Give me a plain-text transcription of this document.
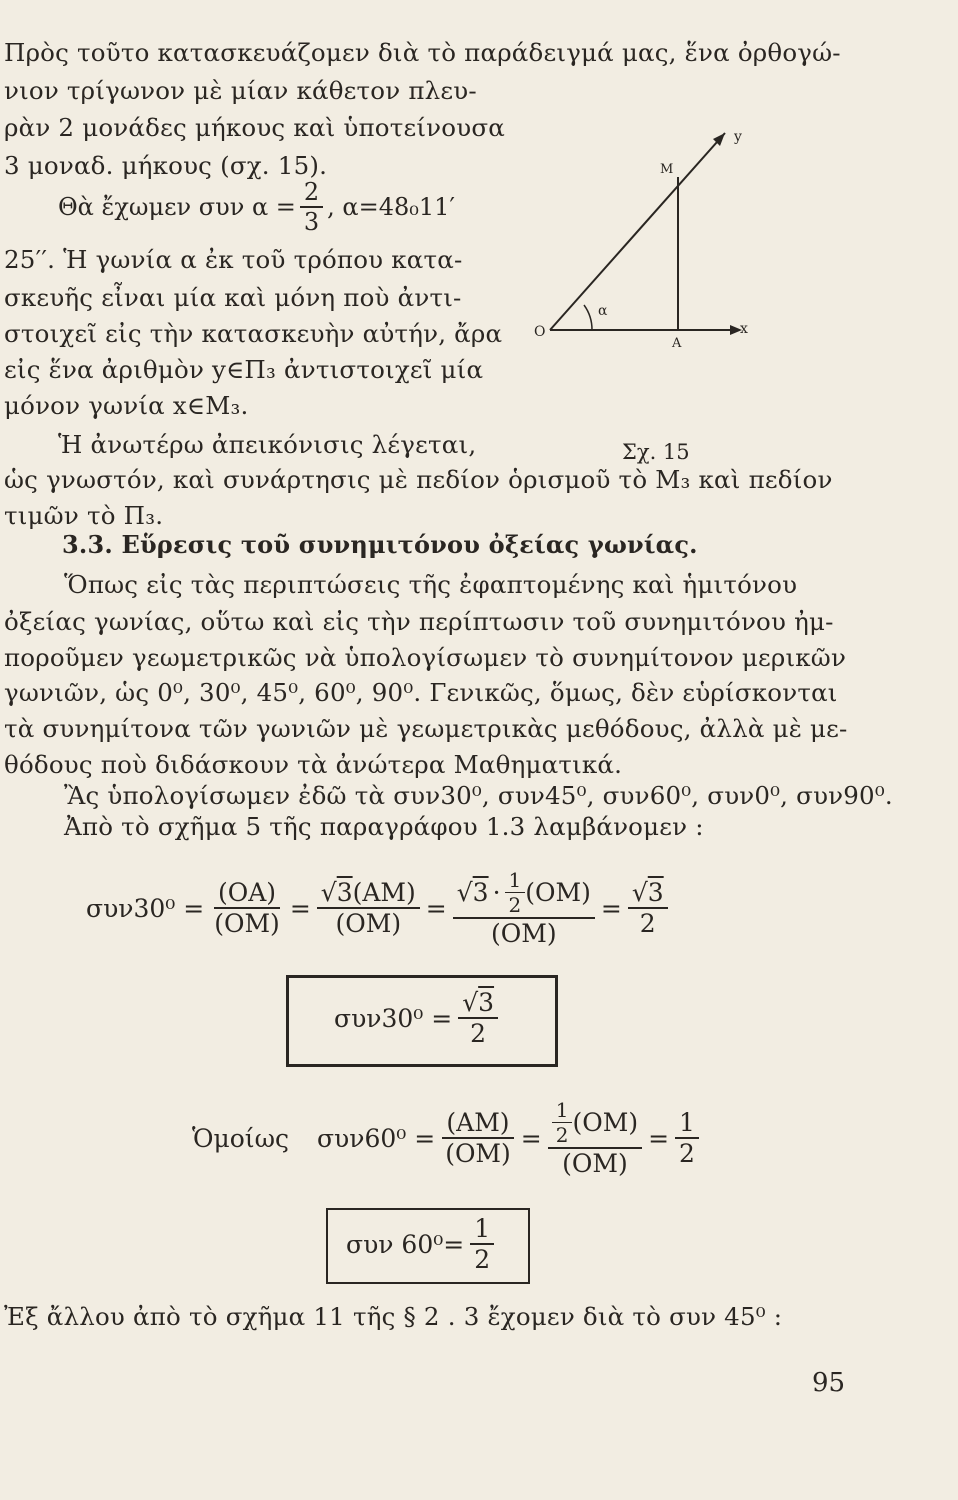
Πρὸς τοῦτο κατασκευάζομεν διὰ τὸ παράδειγμά μας, ἕνα ὀρθογώ-
νιον τρίγωνον μὲ μίαν κάθετον πλευ-
ρὰν 2 μονάδες μήκους καὶ ὑποτείνουσα
3 μοναδ. μήκους (σχ. 15).
Θὰ ἔχωμεν συν $\alpha = \frac{2}{3}$ , α=48₀11′
25′′. Ἡ γωνία α ἐκ τοῦ τρόπου κατα-
σκευῆς εἶναι μία καὶ μόνη ποὺ ἀντι-
στοιχεῖ εἰς τὴν κατασκευὴν αὐτήν, ἄρα
εἰς ἕνα ἀριθμὸν y∈Π₃ ἀντιστοιχεῖ μία
μόνον γωνία x∈M₃.
Ἡ ἀνωτέρω ἀπεικόνισις λέγεται,
ὡς γνωστόν, καὶ συνάρτησις μὲ πεδίον ὁρισμοῦ τὸ M₃ καὶ πεδίον
τιμῶν τὸ Π₃.
O
A
M
x
y
α
Σχ. 15
3.3. Εὕρεσις τοῦ συνημιτόνου ὀξείας γωνίας.
Ὅπως εἰς τὰς περιπτώσεις τῆς ἐφαπτομένης καὶ ἡμιτόνου
ὀξείας γωνίας, οὕτω καὶ εἰς τὴν περίπτωσιν τοῦ συνημιτόνου ἠμ-
ποροῦμεν γεωμετρικῶς νὰ ὑπολογίσωμεν τὸ συνημίτονον μερικῶν
γωνιῶν, ὡς 0⁰, 30⁰, 45⁰, 60⁰, 90⁰. Γενικῶς, ὅμως, δὲν εὑρίσκονται
τὰ συνημίτονα τῶν γωνιῶν μὲ γεωμετρικὰς μεθόδους, ἀλλὰ μὲ με-
θόδους ποὺ διδάσκουν τὰ ἀνώτερα Μαθηματικά.
Ἂς ὑπολογίσωμεν ἐδῶ τὰ συν30⁰, συν45⁰, συν60⁰, συν0⁰, συν90⁰.
Ἀπὸ τὸ σχῆμα 5 τῆς παραγράφου 1.3 λαμβάνομεν :
$\sigma\upsilon\nu 30^0 = \frac{(OA)}{(OM)} = \frac{√3(AM)}{(OM)} = \frac{√ 3 \cdot \frac{1}{2} (OM)}{(OM)} = \frac{√3}{2}$
$\sigma\upsilon\nu 30^0 = \frac{√3}{2}$
Ὁμοίως $\sigma\upsilon\nu 60^0 = \frac{(AM)}{(OM)} = \frac{\frac{1}{2} (OM)}{(OM)} = \frac{1}{2}$
συν $60^0= \frac{1}{2}$
Ἐξ ἄλλου ἀπὸ τὸ σχῆμα 11 τῆς § 2 . 3 ἔχομεν διὰ τὸ συν 45⁰ :
95
